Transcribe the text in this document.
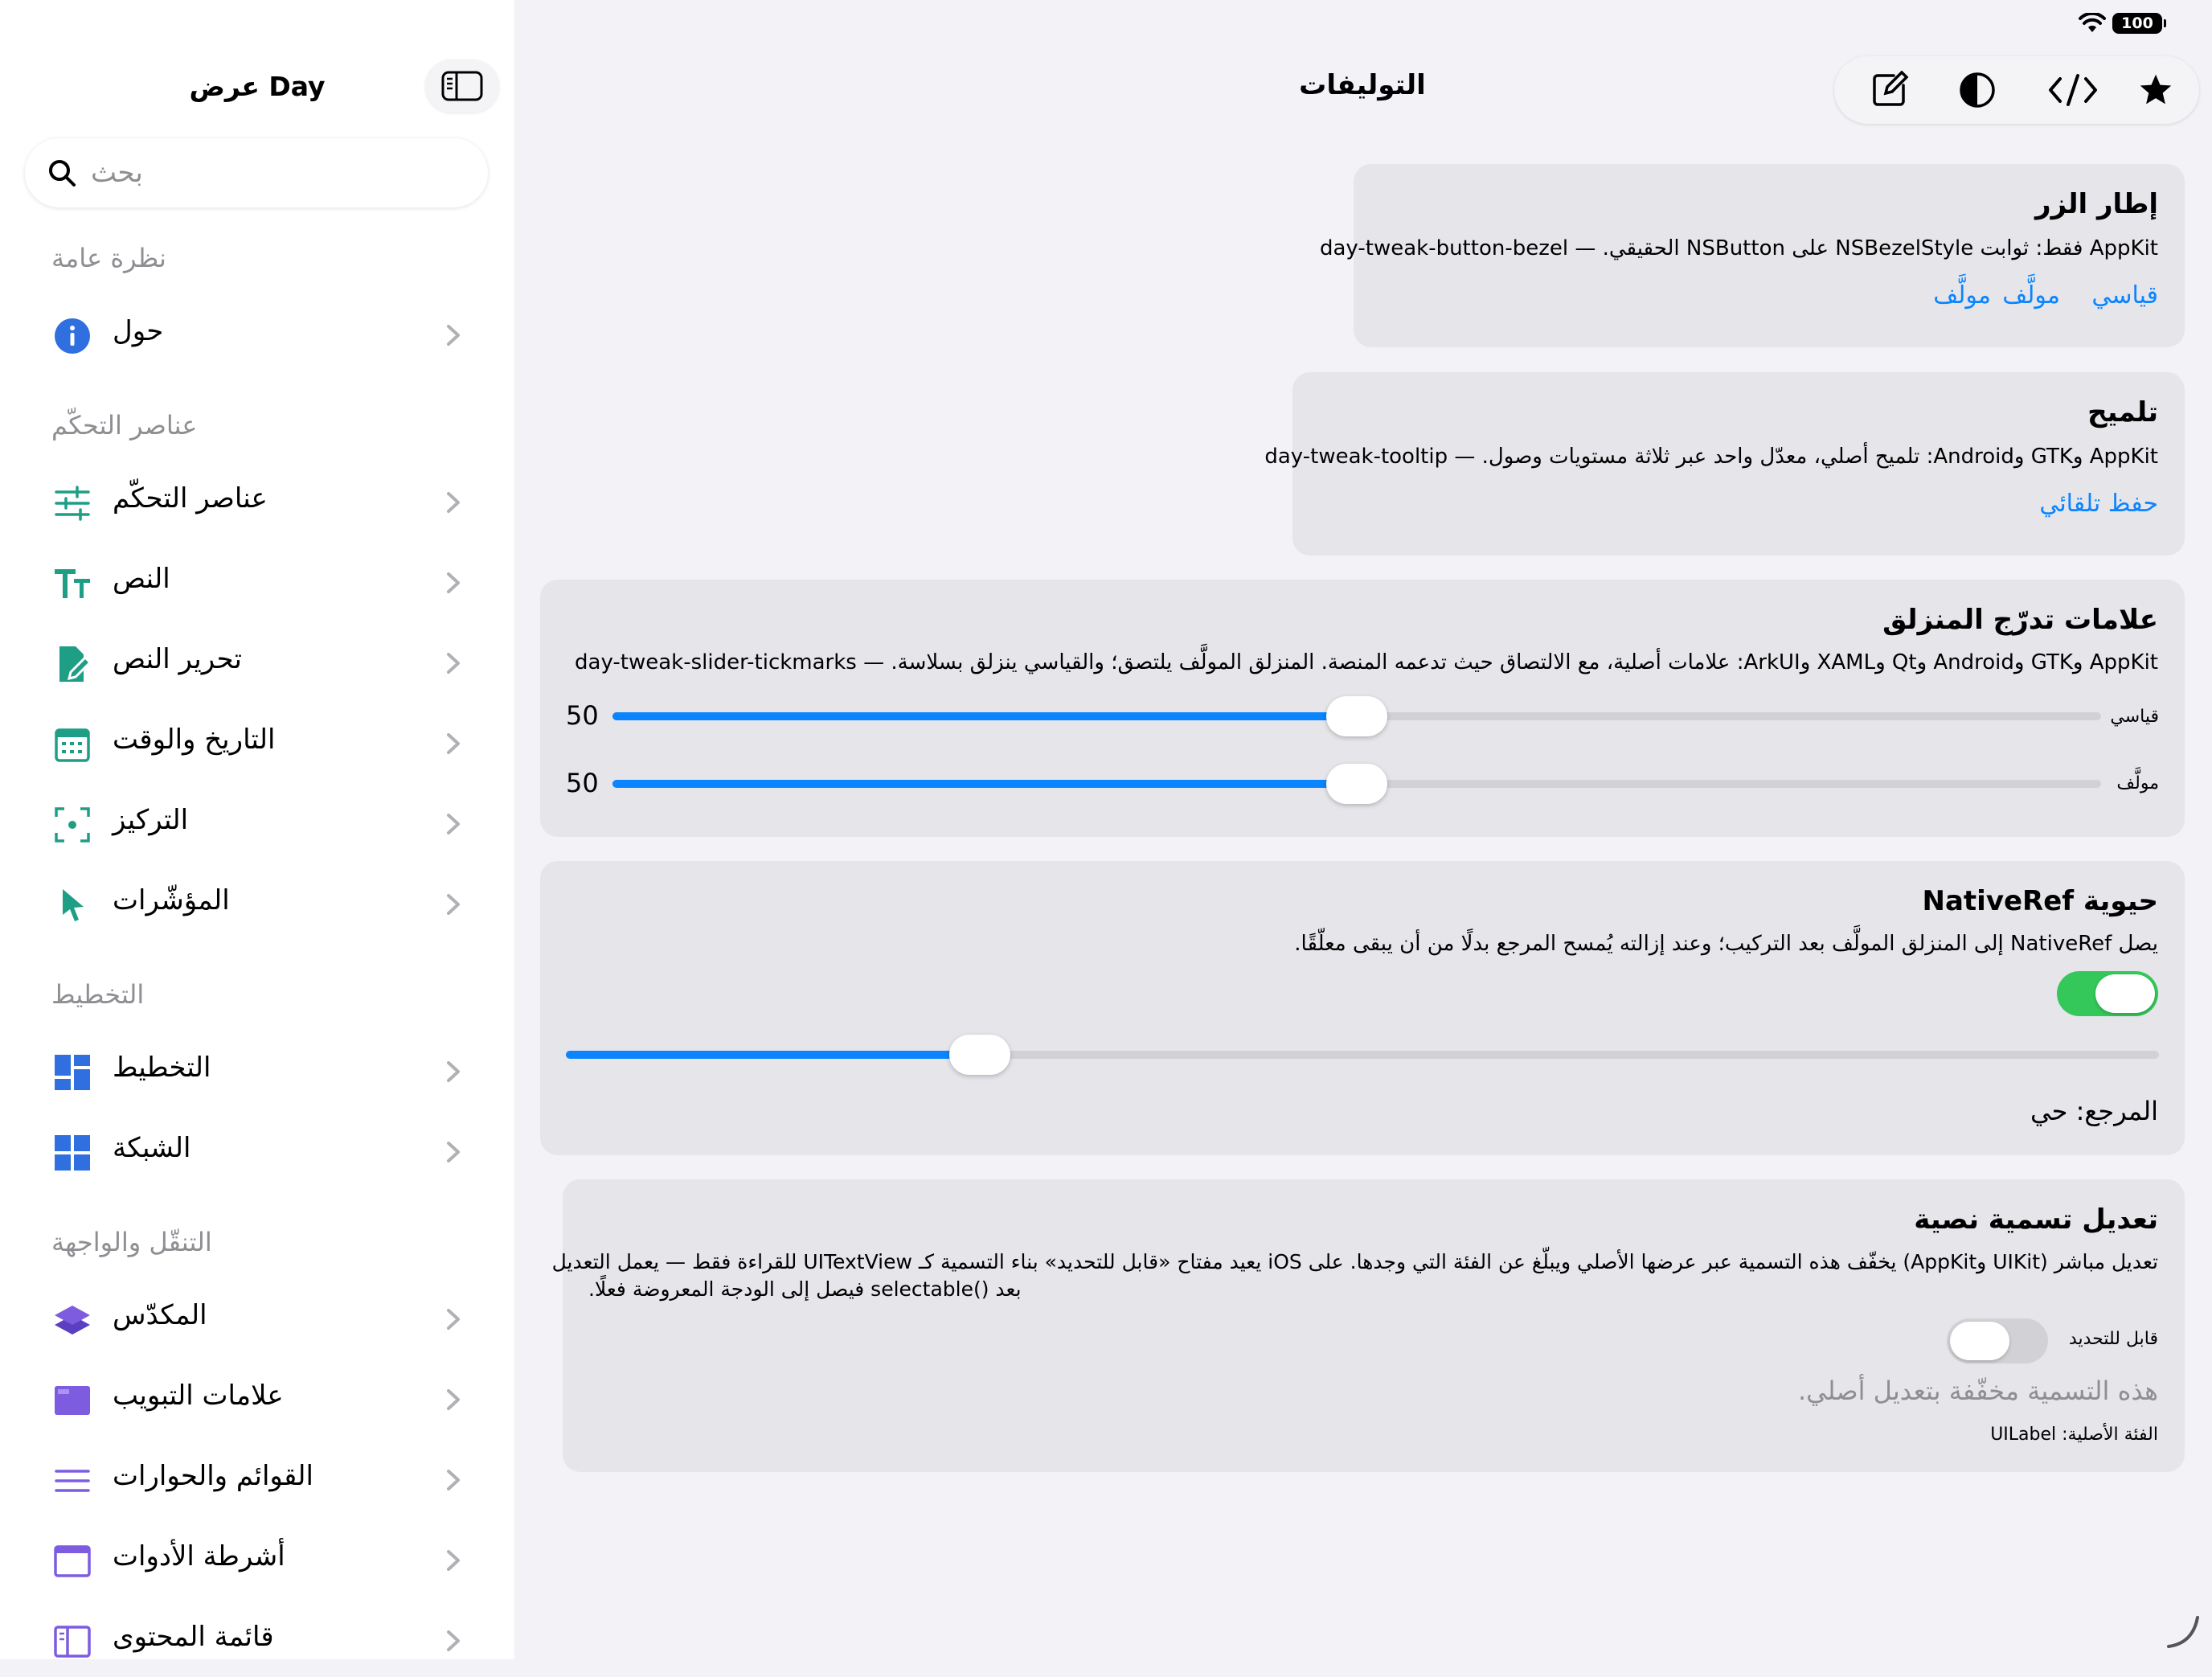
100
عرض Day
بحث
نظرة عامة
حول
عناصر التحكّم
عناصر التحكّم
النص
تحرير النص
التاريخ والوقت
التركيز
المؤشّرات
التخطيط
التخطيط
الشبكة
التنقّل والواجهة
المكدّس
علامات التبويب
القوائم والحوارات
أشرطة الأدوات
قائمة المحتوى
التوليفات
إطار الزر
AppKit فقط: ثوابت NSBezelStyle على NSButton الحقيقي. — day-tweak-button-bezel
قياسي
مولَّف
مولَّف
تلميح
AppKit وGTK وAndroid: تلميح أصلي، معدّل واحد عبر ثلاثة مستويات وصول. — day-tweak-tooltip
حفظ تلقائي
علامات تدرّج المنزلق
AppKit وGTK وAndroid وQt وXAML وArkUI: علامات أصلية، مع الالتصاق حيث تدعمه المنصة. المنزلق المولَّف يلتصق؛ والقياسي ينزلق بسلاسة. — day-tweak-slider-tickmarks
قياسي
50
مولَّف
50
حيوية NativeRef
يصل NativeRef إلى المنزلق المولَّف بعد التركيب؛ وعند إزالته يُمسح المرجع بدلًا من أن يبقى معلّقًا.
المرجع: حي
تعديل تسمية نصية
تعديل مباشر (UIKit وAppKit) يخفّف هذه التسمية عبر عرضها الأصلي ويبلّغ عن الفئة التي وجدها. على iOS يعيد مفتاح «قابل للتحديد» بناء التسمية كـ UITextView للقراءة فقط — يعمل التعديل
بعد ()selectable فيصل إلى الودجة المعروضة فعلًا.
قابل للتحديد
هذه التسمية مخفّفة بتعديل أصلي.
الفئة الأصلية: UILabel
